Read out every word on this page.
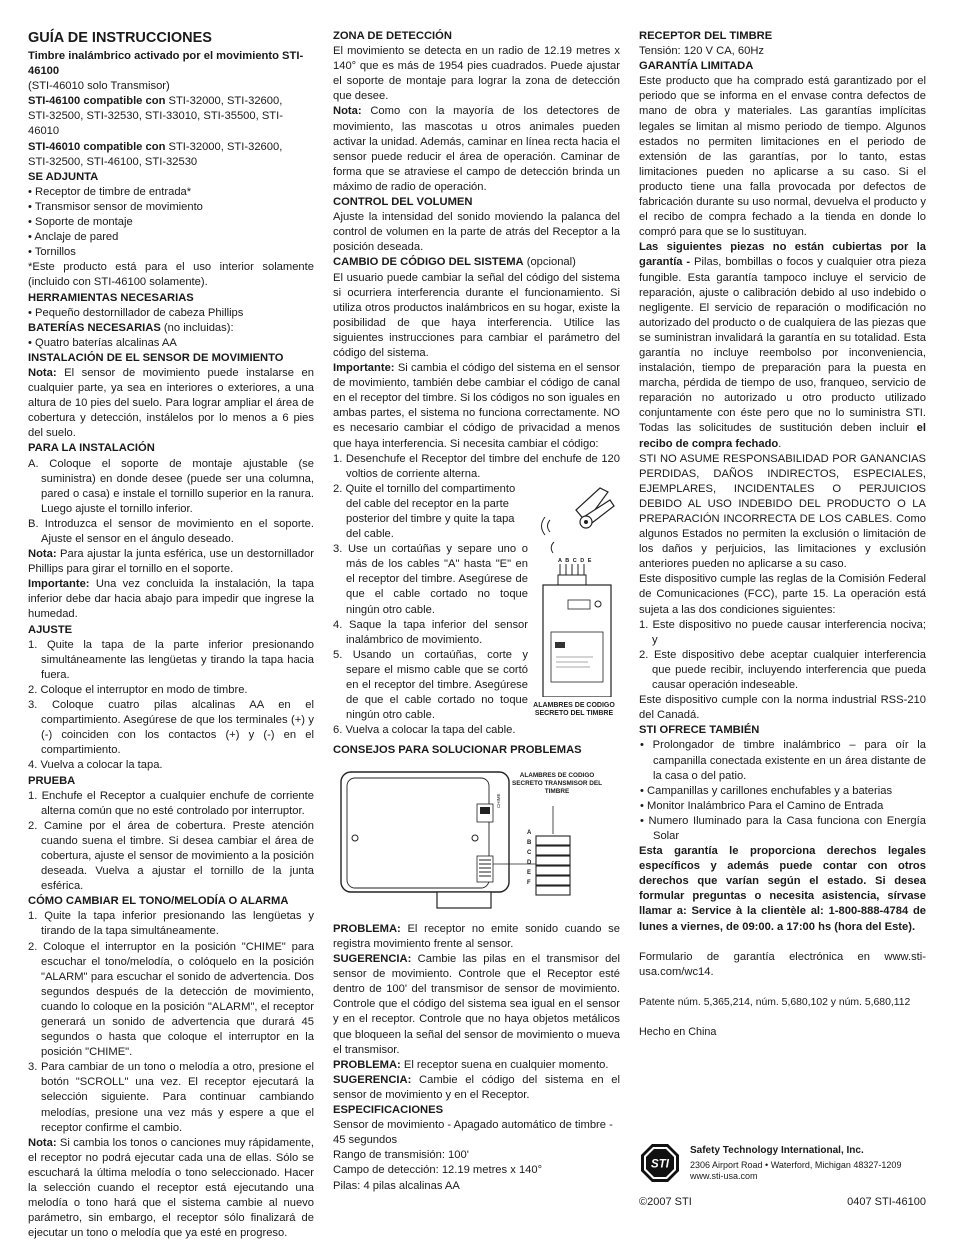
GUÍA DE INSTRUCCIONES

Timbre inalámbrico activado por el movimiento STI-46100

(STI-46010 solo Transmisor)

STI-46100 compatible con STI-32000, STI-32600,

STI-32500, STI-32530, STI-33010, STI-35500, STI-46010

STI-46010 compatible con STI-32000, STI-32600,

STI-32500, STI-46100, STI-32530

SE ADJUNTA

• Receptor de timbre de entrada*

• Transmisor sensor de movimiento

• Soporte de montaje

• Anclaje de pared

• Tornillos

*Este producto está para el uso interior solamente (incluido con STI-46100 solamente).

HERRAMIENTAS NECESARIAS

• Pequeño destornillador de cabeza Phillips

BATERÍAS NECESARIAS (no incluidas):

• Quatro baterías alcalinas AA

INSTALACIÓN DE EL SENSOR DE MOVIMIENTO

Nota: El sensor de movimiento puede instalarse en cualquier parte, ya sea en interiores o exteriores, a una altura de 10 pies del suelo. Para lograr ampliar el área de cobertura y detección, instálelos por lo menos a 6 pies del suelo.

PARA LA INSTALACIÓN

A. Coloque el soporte de montaje ajustable (se suministra) en donde desee (puede ser una columna, pared o casa) e instale el tornillo superior en la ranura. Luego ajuste el tornillo inferior.

B. Introduzca el sensor de movimiento en el soporte. Ajuste el sensor en el ángulo deseado.

Nota: Para ajustar la junta esférica, use un destornillador Phillips para girar el tornillo en el soporte.

Importante: Una vez concluida la instalación, la tapa inferior debe dar hacia abajo para impedir que ingrese la humedad.

AJUSTE

1. Quite la tapa de la parte inferior presionando simultáneamente las lengüetas y tirando la tapa hacia fuera.

2. Coloque el interruptor en modo de timbre.

3. Coloque cuatro pilas alcalinas AA en el compartimiento. Asegúrese de que los terminales (+) y (-) coinciden con los contactos (+) y (-) en el compartimiento.

4. Vuelva a colocar la tapa.

PRUEBA

1. Enchufe el Receptor a cualquier enchufe de corriente alterna común que no esté controlado por interruptor.

2. Camine por el área de cobertura. Preste atención cuando suena el timbre. Si desea cambiar el área de cobertura, ajuste el sensor de movimiento a la posición deseada. Vuelva a ajustar el tornillo de la junta esférica.

CÓMO CAMBIAR EL TONO/MELODÍA O ALARMA

1. Quite la tapa inferior presionando las lengüetas y tirando de la tapa simultáneamente.

2. Coloque el interruptor en la posición "CHIME" para escuchar el tono/melodía, o colóquelo en la posición "ALARM" para escuchar el sonido de advertencia. Dos segundos después de la detección de movimiento, cuando lo coloque en la posición "ALARM", el receptor generará un sonido de advertencia que durará 45 segundos o hasta que coloque el interruptor en la posición "CHIME".

3. Para cambiar de un tono o melodía a otro, presione el botón "SCROLL" una vez. El receptor ejecutará la selección siguiente. Para continuar cambiando melodías, presione una vez más y espere a que el receptor confirme el cambio.

Nota: Si cambia los tonos o canciones muy rápidamente, el receptor no podrá ejecutar cada una de ellas. Sólo se escuchará la última melodía o tono seleccionado. Hacer la selección cuando el receptor está ejecutando una melodía o tono hará que el sistema cambie al nuevo parámetro, sin embargo, el receptor sólo finalizará de ejecutar un tono o melodía que ya esté en progreso.

ZONA DE DETECCIÓN

El movimiento se detecta en un radio de 12.19 metres x 140° que es más de 1954 pies cuadrados. Puede ajustar el soporte de montaje para lograr la zona de detección que desee.

Nota: Como con la mayoría de los detectores de movimiento, las mascotas u otros animales pueden activar la unidad. Además, caminar en línea recta hacia el sensor puede reducir el área de operación. Caminar de forma que se atraviese el campo de detección brinda un máximo de radio de operación.

CONTROL DEL VOLUMEN

Ajuste la intensidad del sonido moviendo la palanca del control de volumen en la parte de atrás del Receptor a la posición deseada.

CAMBIO DE CÓDIGO DEL SISTEMA (opcional)

El usuario puede cambiar la señal del código del sistema si ocurriera interferencia durante el funcionamiento. Si utiliza otros productos inalámbricos en su hogar, existe la posibilidad de que haya interferencia. Utilice las siguientes instrucciones para cambiar el parámetro del código del sistema.

Importante: Si cambia el código del sistema en el sensor de movimiento, también debe cambiar el código de canal en el receptor del timbre. Si los códigos no son iguales en ambas partes, el sistema no funciona correctamente. NO es necesario cambiar el código de privacidad a menos que haya interferencia. Si necesita cambiar el código:

1. Desenchufe el Receptor del timbre del enchufe de 120 voltios de corriente alterna.

2. Quite el tornillo del compartimento del cable del receptor en la parte posterior del timbre y quite la tapa del cable.

3. Use un cortaúñas y separe uno o más de los cables "A" hasta "E" en el receptor del timbre. Asegúrese de que el cable cortado no toque ningún otro cable.

4. Saque la tapa inferior del sensor inalámbrico de movimiento.

5. Usando un cortaúñas, corte y separe el mismo cable que se cortó en el receptor del timbre. Asegúrese de que el cable cortado no toque ningún otro cable.

6. Vuelva a colocar la tapa del cable.

A B C D E
ALAMBRES DE CODIGO SECRETO DEL TIMBRE

CONSEJOS PARA SOLUCIONAR PROBLEMAS

CHIME
A B C D E F
ALAMBRES DE CODIGO SECRETO TRANSMISOR DEL TIMBRE

PROBLEMA: El receptor no emite sonido cuando se registra movimiento frente al sensor.

SUGERENCIA: Cambie las pilas en el transmisor del sensor de movimiento. Controle que el Receptor esté dentro de 100' del transmisor de sensor de movimiento. Controle que el código del sistema sea igual en el sensor y en el receptor. Controle que no haya objetos metálicos que bloqueen la señal del sensor de movimiento o mueva el transmisor.

PROBLEMA: El receptor suena en cualquier momento.

SUGERENCIA: Cambie el código del sistema en el sensor de movimiento y en el Receptor.

ESPECIFICACIONES

Sensor de movimiento - Apagado automático de timbre - 45 segundos

Rango de transmisión: 100'

Campo de detección: 12.19 metres x 140°

Pilas: 4 pilas alcalinas AA

RECEPTOR DEL TIMBRE

Tensión: 120 V CA, 60Hz

GARANTÍA LIMITADA

Este producto que ha comprado está garantizado por el periodo que se informa en el envase contra defectos de mano de obra y materiales. Las garantías implícitas legales se limitan al mismo periodo de tiempo. Algunos estados no permiten limitaciones en el periodo de extensión de las garantías, por lo tanto, estas limitaciones pueden no aplicarse a su caso. Si el producto tiene una falla provocada por defectos de fabricación durante su uso normal, devuelva el producto y el recibo de compra fechado a la tienda en donde lo compró para que se lo sustituyan.

Las siguientes piezas no están cubiertas por la garantía - Pilas, bombillas o focos y cualquier otra pieza fungible. Esta garantía tampoco incluye el servicio de reparación, ajuste o calibración debido al uso indebido o negligente. El servicio de reparación o modificación no autorizado del producto o de cualquiera de las piezas que se suministran invalidará la garantía en su totalidad. Esta garantía no incluye reembolso por inconveniencia, instalación, tiempo de preparación para la puesta en marcha, pérdida de tiempo de uso, franqueo, servicio de reparación no autorizado u otro producto utilizado conjuntamente con éste pero que no lo suministra STI. Todas las solicitudes de sustitución deben incluir el recibo de compra fechado.

STI NO ASUME RESPONSABILIDAD POR GANANCIAS PERDIDAS, DAÑOS INDIRECTOS, ESPECIALES, EJEMPLARES, INCIDENTALES O PERJUICIOS DEBIDO AL USO INDEBIDO DEL PRODUCTO O LA PREPARACIÓN INCORRECTA DE LOS CABLES. Como algunos Estados no permiten la exclusión o limitación de los daños y perjuicios, las limitaciones y exclusión anteriores pueden no aplicarse a su caso.

Este dispositivo cumple las reglas de la Comisión Federal de Comunicaciones (FCC), parte 15. La operación está sujeta a las dos condiciones siguientes:

1. Este dispositivo no puede causar interferencia nociva; y

2. Este dispositivo debe aceptar cualquier interferencia que puede recibir, incluyendo interferencia que pueda causar operación indeseable.

Este dispositivo cumple con la norma industrial RSS-210 del Canadá.

STI OFRECE TAMBIÉN

• Prolongador de timbre inalámbrico – para oír la campanilla conectada existente en un área distante de la casa o del patio.

• Campanillas y carillones enchufables y a baterias

• Monitor Inalámbrico Para el Camino de Entrada

• Numero Iluminado para la Casa funciona con Energía Solar

Esta garantía le proporciona derechos legales específicos y además puede contar con otros derechos que varían según el estado. Si desea formular preguntas o necesita asistencia, sírvase llamar a: Service à la clientèle al: 1-800-888-4784 de lunes a viernes, de 09:00. a 17:00 hs (hora del Este).

Formulario de garantía electrónica en www.sti-usa.com/wc14.

Patente núm. 5,365,214, núm. 5,680,102 y núm. 5,680,112

Hecho en China

STI
Safety Technology International, Inc.
2306 Airport Road • Waterford, Michigan 48327-1209
www.sti-usa.com
©2007 STI	0407 STI-46100
